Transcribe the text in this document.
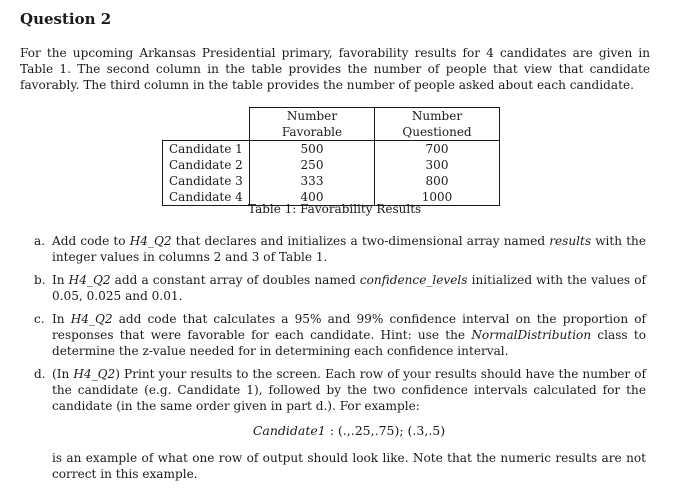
Question 2
For the upcoming Arkansas Presidential primary, favorability results for 4 candidates are given in Table 1. The second column in the table provides the number of people that view that candidate favorably. The third column in the table provides the number of people asked about each candidate.
	Number Favorable	Number Questioned
Candidate 1	500	700
Candidate 2	250	300
Candidate 3	333	800
Candidate 4	400	1000
Table 1: Favorability Results
a. Add code to H4_Q2 that declares and initializes a two-dimensional array named results with the integer values in columns 2 and 3 of Table 1.
b. In H4_Q2 add a constant array of doubles named confidence_levels initialized with the values of 0.05, 0.025 and 0.01.
c. In H4_Q2 add code that calculates a 95% and 99% confidence interval on the proportion of responses that were favorable for each candidate. Hint: use the NormalDistribution class to determine the z-value needed for in determining each confidence interval.
d. (In H4_Q2) Print your results to the screen. Each row of your results should have the number of the candidate (e.g. Candidate 1), followed by the two confidence intervals calculated for the candidate (in the same order given in part d.). For example:
Candidate1 : (.,.25,.75); (.3,.5)
is an example of what one row of output should look like. Note that the numeric results are not correct in this example.
